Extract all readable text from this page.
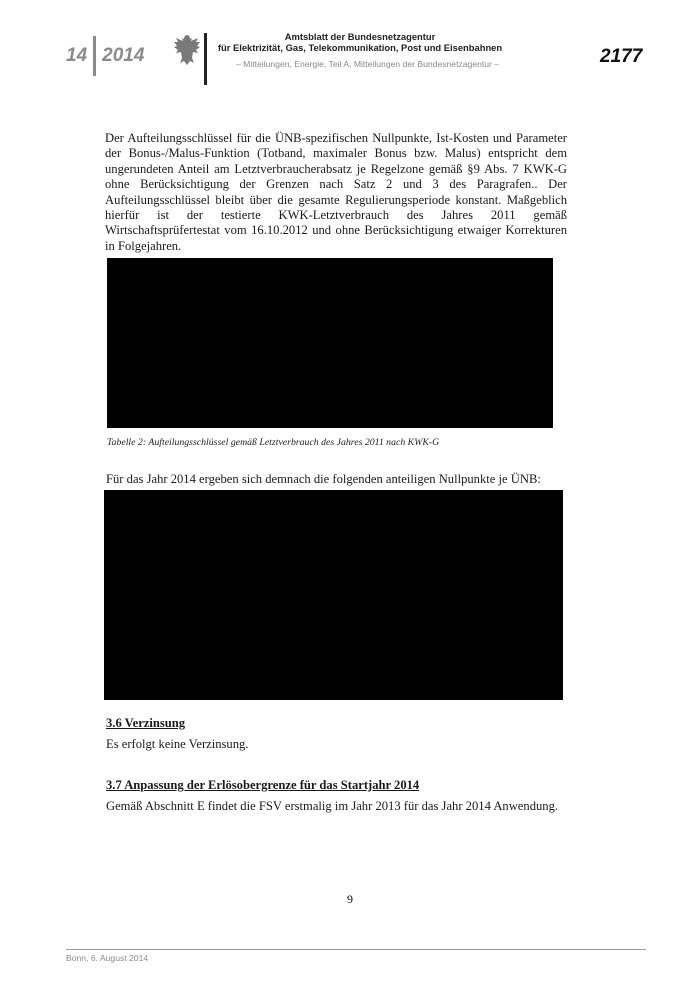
14 2014
Amtsblatt der Bundesnetzagentur
für Elektrizität, Gas, Telekommunikation, Post und Eisenbahnen
– Mitteilungen, Energie, Teil A, Mitteilungen der Bundesnetzagentur –	2177
Der Aufteilungsschlüssel für die ÜNB-spezifischen Nullpunkte, Ist-Kosten und Parameter der Bonus-/Malus-Funktion (Totband, maximaler Bonus bzw. Malus) entspricht dem ungerundeten Anteil am Letztverbraucherabsatz je Regelzone gemäß §9 Abs. 7 KWK-G ohne Berücksichtigung der Grenzen nach Satz 2 und 3 des Paragrafen.. Der Aufteilungsschlüssel bleibt über die gesamte Regulierungsperiode konstant. Maßgeblich hierfür ist der testierte KWK-Letztverbrauch des Jahres 2011 gemäß Wirtschaftsprüfertestat vom 16.10.2012 und ohne Berücksichtigung etwaiger Korrekturen in Folgejahren.
Tabelle 2: Aufteilungsschlüssel gemäß Letztverbrauch des Jahres 2011 nach KWK-G
Für das Jahr 2014 ergeben sich demnach die folgenden anteiligen Nullpunkte je ÜNB:
3.6 Verzinsung
Es erfolgt keine Verzinsung.
3.7 Anpassung der Erlösobergrenze für das Startjahr 2014
Gemäß Abschnitt E findet die FSV erstmalig im Jahr 2013 für das Jahr 2014 Anwendung.
9
Bonn, 6. August 2014
